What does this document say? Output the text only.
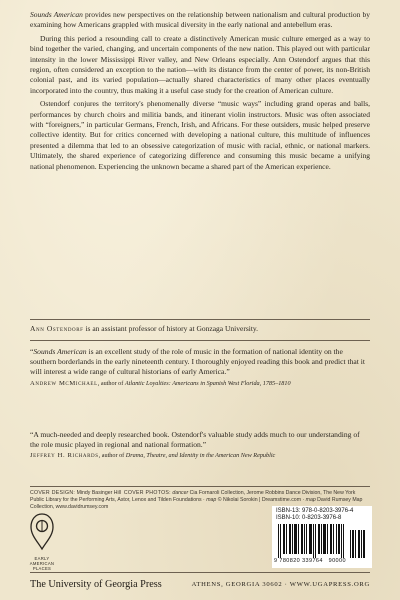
Sounds American provides new perspectives on the relationship between nationalism and cultural production by examining how Americans grappled with musical diversity in the early national and antebellum eras.

During this period a resounding call to create a distinctively American music culture emerged as a way to bind together the varied, changing, and uncertain components of the new nation. This played out with particular intensity in the lower Mississippi River valley, and New Orleans especially. Ann Ostendorf argues that this region, often considered an exception to the nation—with its distance from the center of power, its non-British colonial past, and its varied population—actually shared characteristics of many other places eventually incorporated into the country, thus making it a useful case study for the creation of American culture.

Ostendorf conjures the territory's phenomenally diverse “music ways” including grand operas and balls, performances by church choirs and militia bands, and itinerant violin instructors. Music was often associated with “foreigners,” in particular Germans, French, Irish, and Africans. For these outsiders, music helped preserve collective identity. But for critics concerned with developing a national culture, this multitude of influences presented a dilemma that led to an obsessive categorization of music with racial, ethnic, or national markers. Ultimately, the shared experience of categorizing difference and consuming this music became a unifying national phenomenon. Experiencing the unknown became a shared part of the American experience.

Ann Ostendorf is an assistant professor of history at Gonzaga University.
“Sounds American is an excellent study of the role of music in the formation of national identity on the southern borderlands in the early nineteenth century. I thoroughly enjoyed reading this book and predict that it will interest a wide range of cultural historians of early America.”
Andrew McMichael, author of Atlantic Loyalties: Americans in Spanish West Florida, 1785–1810
“A much-needed and deeply researched book. Ostendorf's valuable study adds much to our understanding of the role music played in regional and national formation.”
Jeffrey H. Richards, author of Drama, Theatre, and Identity in the American New Republic
COVER DESIGN: Mindy Basinger Hill COVER PHOTOS: dancer Cia Fornaroli Collection, Jerome Robbins Dance Division, The New York Public Library for the Performing Arts, Astor, Lenox and Tilden Foundations · map © Nikolai Sorokin | Dreamstime.com · map David Rumsey Map Collection, www.davidrumsey.com
EARLY
AMERICAN
PLACES
ISBN-13: 978-0-8203-3976-4
ISBN-10: 0-8203-3976-8
9 780820 339764 90000
The University of Georgia Press	ATHENS, GEORGIA 30602 · WWW.UGAPRESS.ORG
